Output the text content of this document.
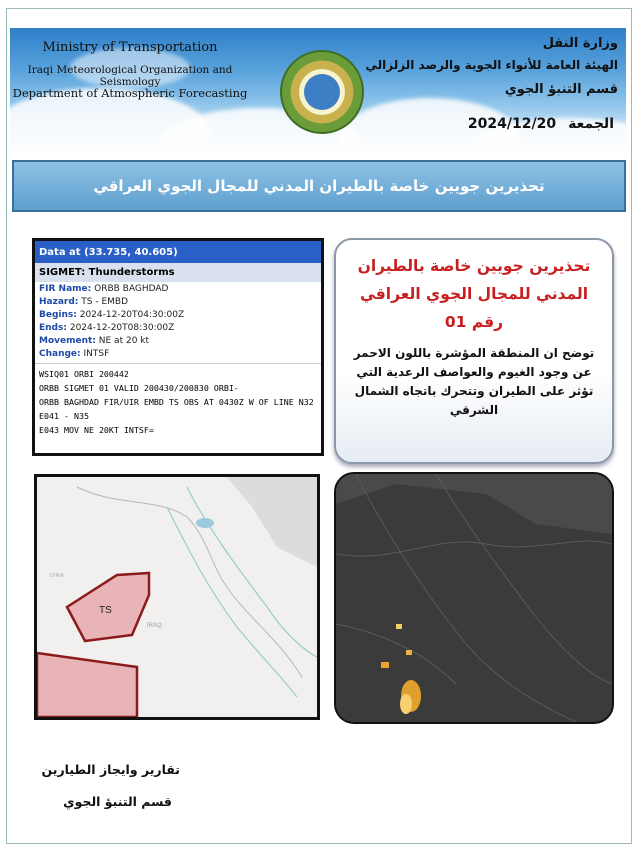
Ministry of Transportation
Iraqi Meteorological Organization and Seismology
Department of Atmospheric Forecasting
وزارة النقل
الهيئة العامة للأنواء الجوية والرصد الزلزالي
قسم التنبؤ الجوي
الجمعة
2024/12/20
تحذيرين جويين خاصة بالطيران المدني للمجال الجوي العراقي
Data at (33.735, 40.605)
SIGMET: Thunderstorms
FIR Name: ORBB BAGHDAD
Hazard: TS - EMBD
Begins: 2024-12-20T04:30:00Z
Ends: 2024-12-20T08:30:00Z
Movement: NE at 20 kt
Change: INTSF
WSIQ01 ORBI 200442
ORBB SIGMET 01 VALID 200430/200830 ORBI-
ORBB BAGHDAD FIR/UIR EMBD TS OBS AT 0430Z W OF LINE N32
E041 - N35
E043 MOV NE 20KT INTSF=
تحذيرين جويين خاصة بالطيران
المدني للمجال الجوي العراقي
رقم 01
توضح ان المنطقة المؤشرة باللون الاحمر عن وجود الغيوم والعواصف الرعدية التي تؤثر على الطيران وتتحرك باتجاه الشمال الشرقي
TS
IRAQ
SYRIA
تقارير وايجاز الطيارين
قسم التنبؤ الجوي
